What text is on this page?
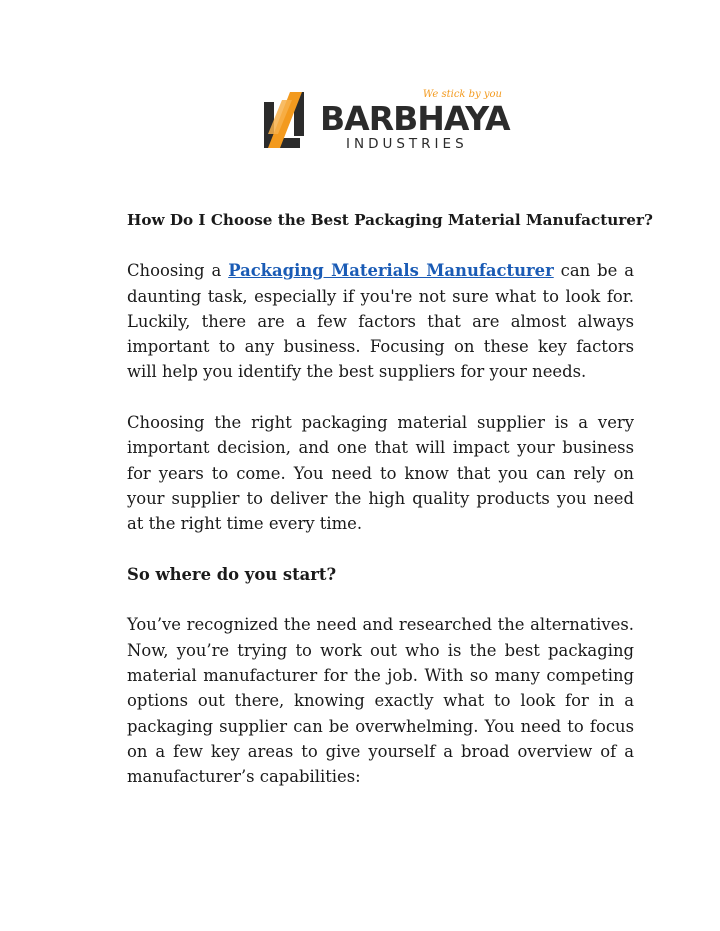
We stick by you
BARBHAYA
INDUSTRIES

How Do I Choose the Best Packaging Material Manufacturer?

Choosing a Packaging Materials Manufacturer can be a daunting task, especially if you're not sure what to look for. Luckily, there are a few factors that are almost always important to any business. Focusing on these key factors will help you identify the best suppliers for your needs.

Choosing the right packaging material supplier is a very important decision, and one that will impact your business for years to come. You need to know that you can rely on your supplier to deliver the high quality products you need at the right time every time.

So where do you start?

You’ve recognized the need and researched the alternatives. Now, you’re trying to work out who is the best packaging material manufacturer for the job. With so many competing options out there, knowing exactly what to look for in a packaging supplier can be overwhelming. You need to focus on a few key areas to give yourself a broad overview of a manufacturer’s capabilities:
